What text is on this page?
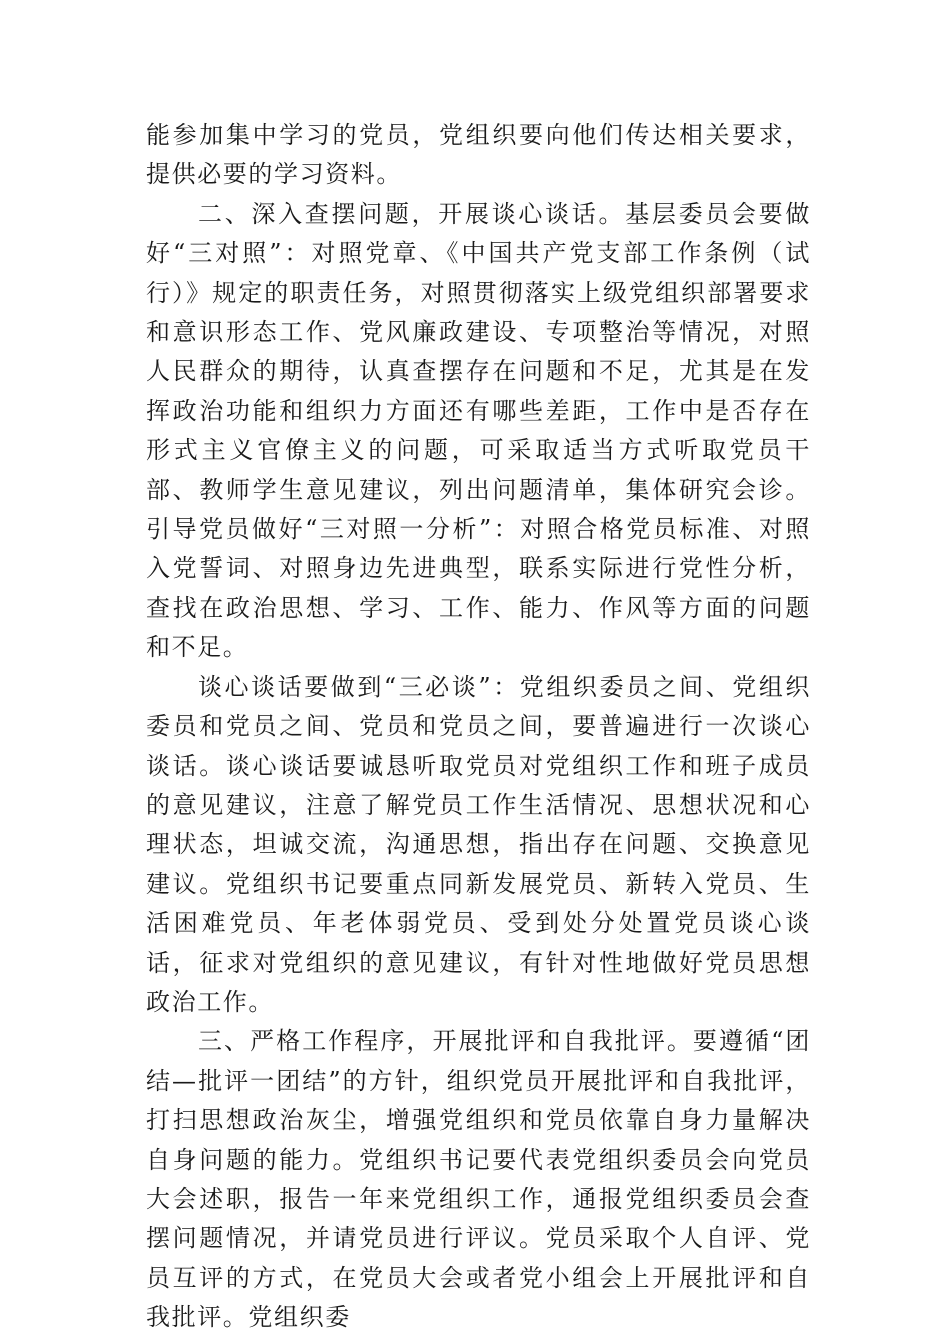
能参加集中学习的党员，党组织要向他们传达相关要求，提供必要的学习资料。

二、深入查摆问题，开展谈心谈话。基层委员会要做好“三对照”：对照党章、《中国共产党支部工作条例（试行）》规定的职责任务，对照贯彻落实上级党组织部署要求和意识形态工作、党风廉政建设、专项整治等情况，对照人民群众的期待，认真查摆存在问题和不足，尤其是在发挥政治功能和组织力方面还有哪些差距，工作中是否存在形式主义官僚主义的问题，可采取适当方式听取党员干部、教师学生意见建议，列出问题清单，集体研究会诊。引导党员做好“三对照一分析”：对照合格党员标准、对照入党誓词、对照身边先进典型，联系实际进行党性分析，查找在政治思想、学习、工作、能力、作风等方面的问题和不足。

谈心谈话要做到“三必谈”：党组织委员之间、党组织委员和党员之间、党员和党员之间，要普遍进行一次谈心谈话。谈心谈话要诚恳听取党员对党组织工作和班子成员的意见建议，注意了解党员工作生活情况、思想状况和心理状态，坦诚交流，沟通思想，指出存在问题、交换意见建议。党组织书记要重点同新发展党员、新转入党员、生活困难党员、年老体弱党员、受到处分处置党员谈心谈话，征求对党组织的意见建议，有针对性地做好党员思想政治工作。

三、严格工作程序，开展批评和自我批评。要遵循“团结—批评一团结”的方针，组织党员开展批评和自我批评，打扫思想政治灰尘，增强党组织和党员依靠自身力量解决自身问题的能力。党组织书记要代表党组织委员会向党员大会述职，报告一年来党组织工作，通报党组织委员会查摆问题情况，并请党员进行评议。党员采取个人自评、党员互评的方式，在党员大会或者党小组会上开展批评和自我批评。党组织委
